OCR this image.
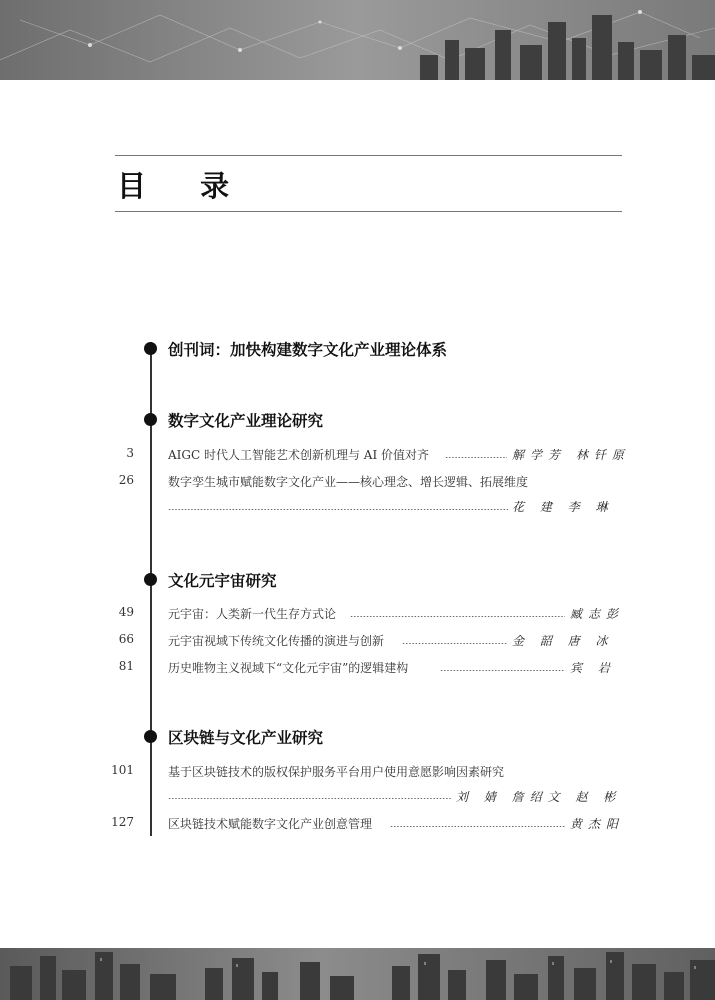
目 录
创刊词：加快构建数字文化产业理论体系
数字文化产业理论研究
3	AIGC 时代人工智能艺术创新机理与 AI 价值对齐	解学芳 林钎原
26	数字孪生城市赋能数字文化产业——核心理念、增长逻辑、拓展维度
花 建 李 琳
文化元宇宙研究
49	元宇宙：人类新一代生存方式论	臧志彭
66	元宇宙视域下传统文化传播的演进与创新	金 韶 唐 冰
81	历史唯物主义视域下“文化元宇宙”的逻辑建构	宾 岩
区块链与文化产业研究
101	基于区块链技术的版权保护服务平台用户使用意愿影响因素研究
刘 婧 詹绍文 赵 彬
127	区块链技术赋能数字文化产业创意管理	黄杰阳
